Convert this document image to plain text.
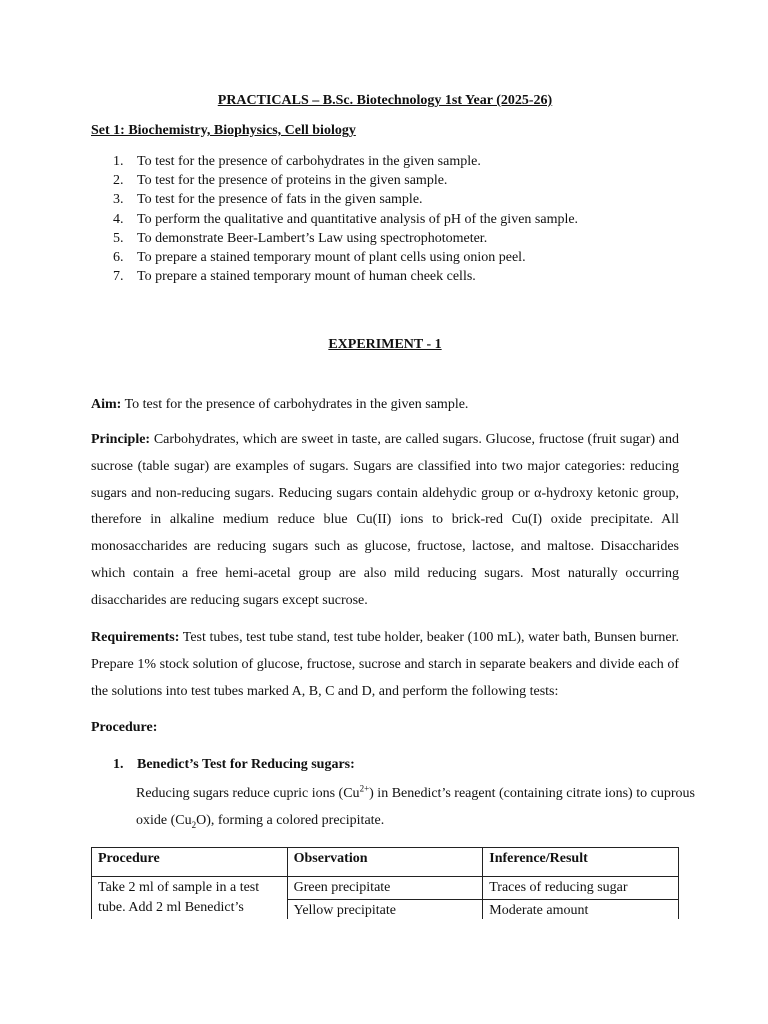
PRACTICALS – B.Sc. Biotechnology 1st Year (2025-26)
Set 1: Biochemistry, Biophysics, Cell biology
1. To test for the presence of carbohydrates in the given sample.
2. To test for the presence of proteins in the given sample.
3. To test for the presence of fats in the given sample.
4. To perform the qualitative and quantitative analysis of pH of the given sample.
5. To demonstrate Beer-Lambert’s Law using spectrophotometer.
6. To prepare a stained temporary mount of plant cells using onion peel.
7. To prepare a stained temporary mount of human cheek cells.
EXPERIMENT - 1
Aim: To test for the presence of carbohydrates in the given sample.
Principle: Carbohydrates, which are sweet in taste, are called sugars. Glucose, fructose (fruit sugar) and sucrose (table sugar) are examples of sugars. Sugars are classified into two major categories: reducing sugars and non-reducing sugars. Reducing sugars contain aldehydic group or α-hydroxy ketonic group, therefore in alkaline medium reduce blue Cu(II) ions to brick-red Cu(I) oxide precipitate. All monosaccharides are reducing sugars such as glucose, fructose, lactose, and maltose. Disaccharides which contain a free hemi-acetal group are also mild reducing sugars. Most naturally occurring disaccharides are reducing sugars except sucrose.
Requirements: Test tubes, test tube stand, test tube holder, beaker (100 mL), water bath, Bunsen burner. Prepare 1% stock solution of glucose, fructose, sucrose and starch in separate beakers and divide each of the solutions into test tubes marked A, B, C and D, and perform the following tests:
Procedure:
1. Benedict’s Test for Reducing sugars:
Reducing sugars reduce cupric ions $(Cu^{2+})$ in Benedict’s reagent (containing citrate ions) to cuprous oxide $(Cu_2O)$, forming a colored precipitate.
Procedure	Observation	Inference/Result
Take 2 ml of sample in a test tube. Add 2 ml Benedict’s	Green precipitate	Traces of reducing sugar
	Yellow precipitate	Moderate amount
